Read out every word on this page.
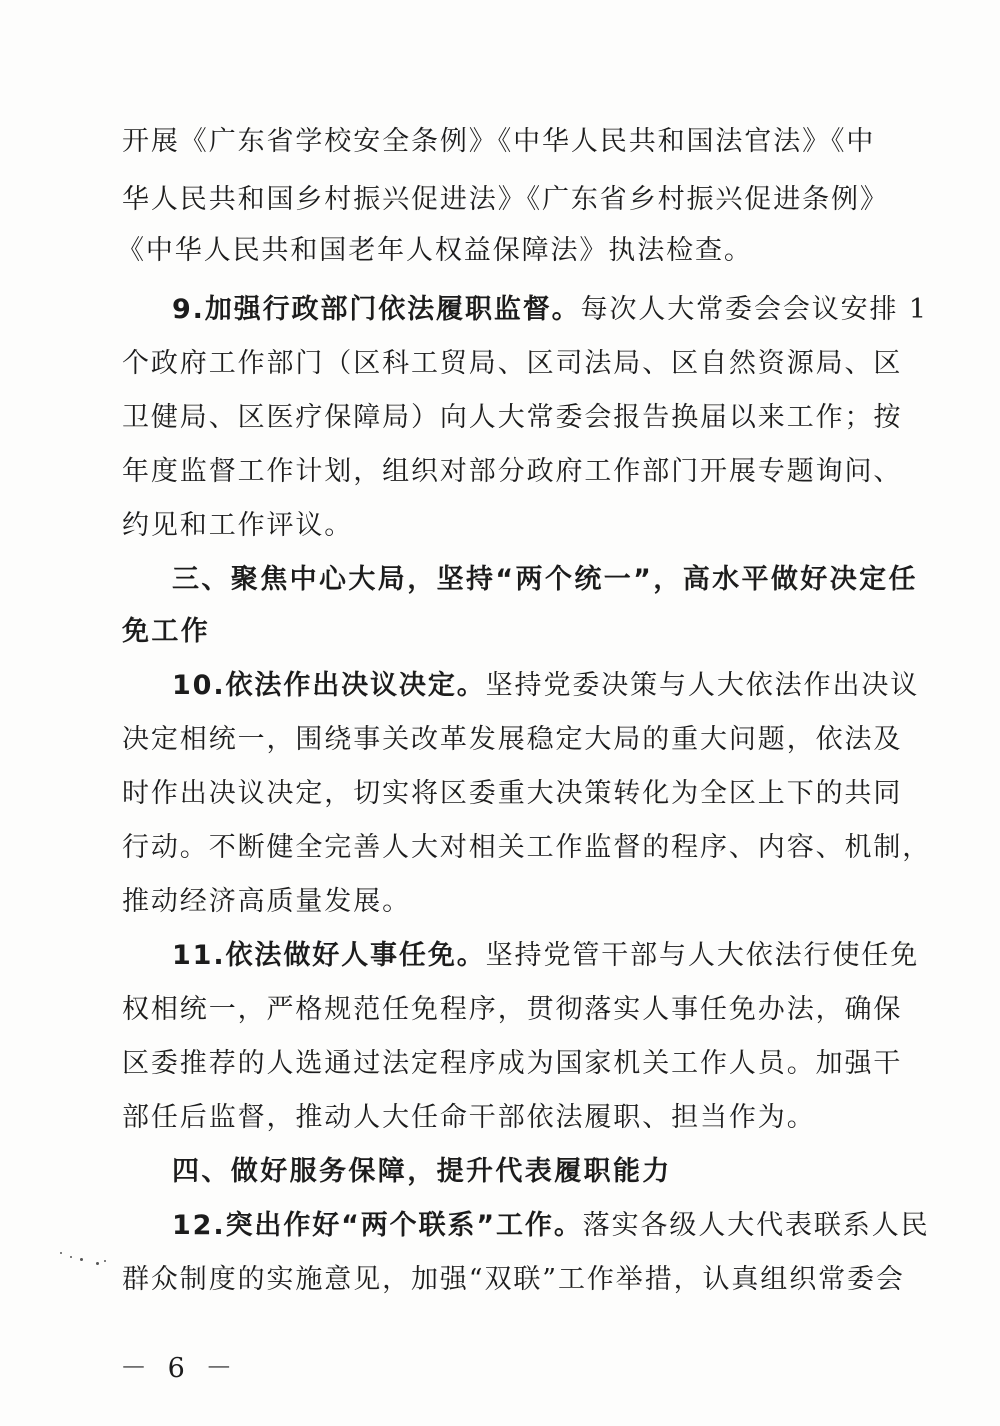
开展《广东省学校安全条例》《中华人民共和国法官法》《中
华人民共和国乡村振兴促进法》《广东省乡村振兴促进条例》
《中华人民共和国老年人权益保障法》执法检查。
9.加强行政部门依法履职监督。每次人大常委会会议安排 1
个政府工作部门（区科工贸局、区司法局、区自然资源局、区
卫健局、区医疗保障局）向人大常委会报告换届以来工作；按
年度监督工作计划，组织对部分政府工作部门开展专题询问、
约见和工作评议。
三、聚焦中心大局，坚持“两个统一”，高水平做好决定任
免工作
10.依法作出决议决定。坚持党委决策与人大依法作出决议
决定相统一，围绕事关改革发展稳定大局的重大问题，依法及
时作出决议决定，切实将区委重大决策转化为全区上下的共同
行动。不断健全完善人大对相关工作监督的程序、内容、机制，
推动经济高质量发展。
11.依法做好人事任免。坚持党管干部与人大依法行使任免
权相统一，严格规范任免程序，贯彻落实人事任免办法，确保
区委推荐的人选通过法定程序成为国家机关工作人员。加强干
部任后监督，推动人大任命干部依法履职、担当作为。
四、做好服务保障，提升代表履职能力
12.突出作好“两个联系”工作。落实各级人大代表联系人民
群众制度的实施意见，加强“双联”工作举措，认真组织常委会
－ 6 －
